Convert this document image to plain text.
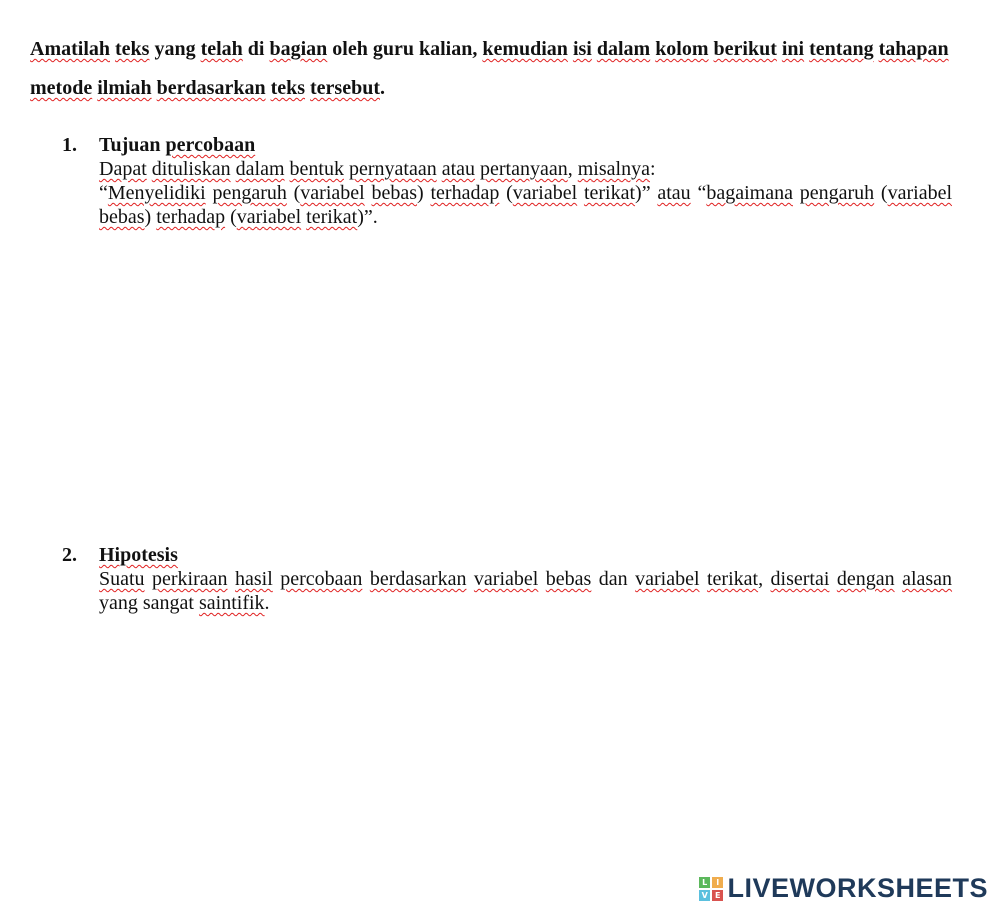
Amatilah teks yang telah di bagian oleh guru kalian, kemudian isi dalam kolom berikut ini tentang tahapan metode ilmiah berdasarkan teks tersebut.
1.	Tujuan percobaan

Dapat dituliskan dalam bentuk pernyataan atau pertanyaan, misalnya:

“Menyelidiki pengaruh (variabel bebas) terhadap (variabel terikat)” atau “bagaimana pengaruh (variabel bebas) terhadap (variabel terikat)”.

2.	Hipotesis

Suatu perkiraan hasil percobaan berdasarkan variabel bebas dan variabel terikat, disertai dengan alasan yang sangat saintifik.

L	I
V E LIVEWORKSHEETS
